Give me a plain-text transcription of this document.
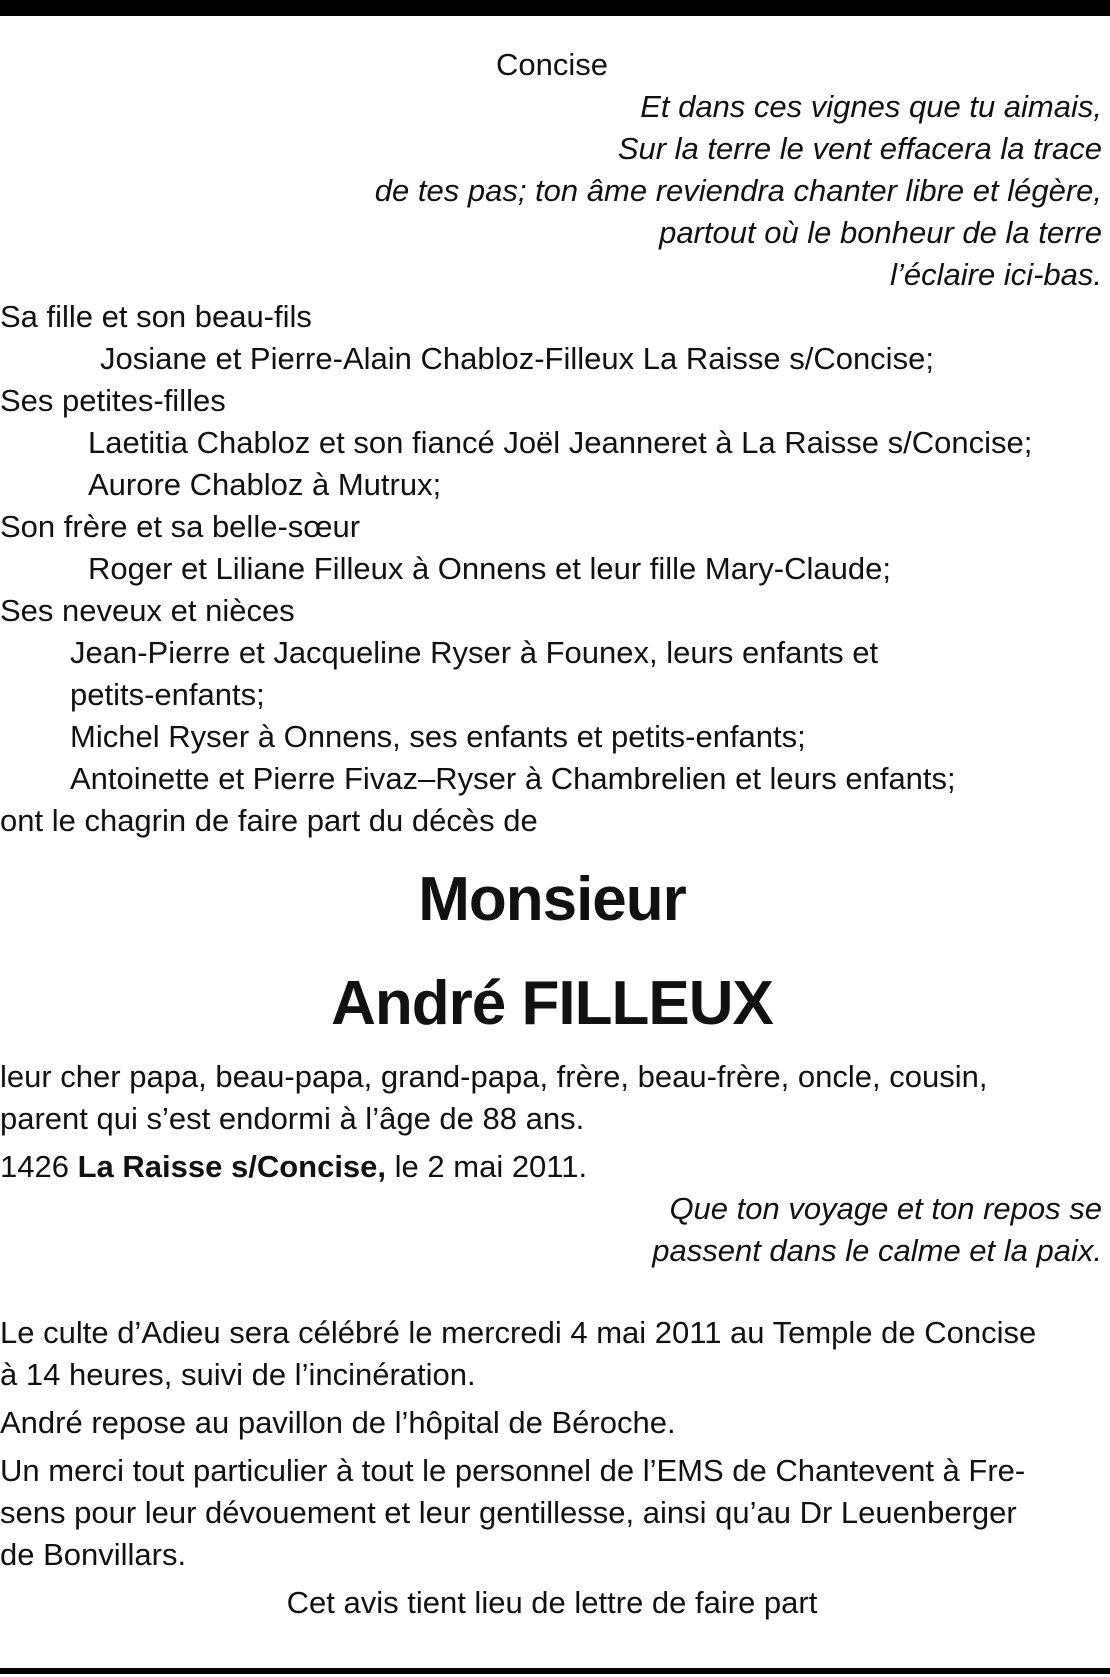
Concise
Et dans ces vignes que tu aimais,
Sur la terre le vent effacera la trace
de tes pas; ton âme reviendra chanter libre et légère,
partout où le bonheur de la terre
l’éclaire ici-bas.
Sa fille et son beau-fils
Josiane et Pierre-Alain Chabloz-Filleux La Raisse s/Concise;
Ses petites-filles
Laetitia Chabloz et son fiancé Joël Jeanneret à La Raisse s/Concise;
Aurore Chabloz à Mutrux;
Son frère et sa belle-sœur
Roger et Liliane Filleux à Onnens et leur fille Mary-Claude;
Ses neveux et nièces
Jean-Pierre et Jacqueline Ryser à Founex, leurs enfants et
petits-enfants;
Michel Ryser à Onnens, ses enfants et petits-enfants;
Antoinette et Pierre Fivaz–Ryser à Chambrelien et leurs enfants;
ont le chagrin de faire part du décès de
Monsieur
André FILLEUX
leur cher papa, beau-papa, grand-papa, frère, beau-frère, oncle, cousin,
parent qui s’est endormi à l’âge de 88 ans.
1426 La Raisse s/Concise, le 2 mai 2011.
Que ton voyage et ton repos se
passent dans le calme et la paix.
Le culte d’Adieu sera célébré le mercredi 4 mai 2011 au Temple de Concise
à 14 heures, suivi de l’incinération.
André repose au pavillon de l’hôpital de Béroche.
Un merci tout particulier à tout le personnel de l’EMS de Chantevent à Fre-
sens pour leur dévouement et leur gentillesse, ainsi qu’au Dr Leuenberger
de Bonvillars.
Cet avis tient lieu de lettre de faire part
